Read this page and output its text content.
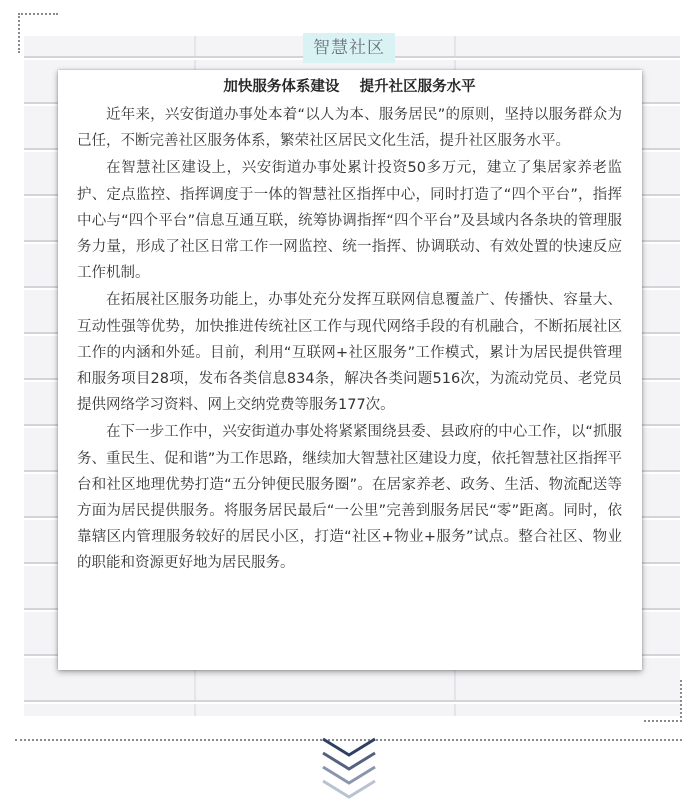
智慧社区
加快服务体系建设    提升社区服务水平

近年来，兴安街道办事处本着“以人为本、服务居民”的原则，坚持以服务群众为己任，不断完善社区服务体系，繁荣社区居民文化生活，提升社区服务水平。

在智慧社区建设上，兴安街道办事处累计投资50多万元，建立了集居家养老监护、定点监控、指挥调度于一体的智慧社区指挥中心，同时打造了“四个平台”，指挥中心与“四个平台”信息互通互联，统筹协调指挥“四个平台”及县域内各条块的管理服务力量，形成了社区日常工作一网监控、统一指挥、协调联动、有效处置的快速反应工作机制。

在拓展社区服务功能上，办事处充分发挥互联网信息覆盖广、传播快、容量大、互动性强等优势，加快推进传统社区工作与现代网络手段的有机融合，不断拓展社区工作的内涵和外延。目前，利用“互联网+社区服务”工作模式，累计为居民提供管理和服务项目28项，发布各类信息834条，解决各类问题516次，为流动党员、老党员提供网络学习资料、网上交纳党费等服务177次。

在下一步工作中，兴安街道办事处将紧紧围绕县委、县政府的中心工作，以“抓服务、重民生、促和谐”为工作思路，继续加大智慧社区建设力度，依托智慧社区指挥平台和社区地理优势打造“五分钟便民服务圈”。在居家养老、政务、生活、物流配送等方面为居民提供服务。将服务居民最后“一公里”完善到服务居民“零”距离。同时，依靠辖区内管理服务较好的居民小区，打造“社区+物业+服务”试点。整合社区、物业的职能和资源更好地为居民服务。
